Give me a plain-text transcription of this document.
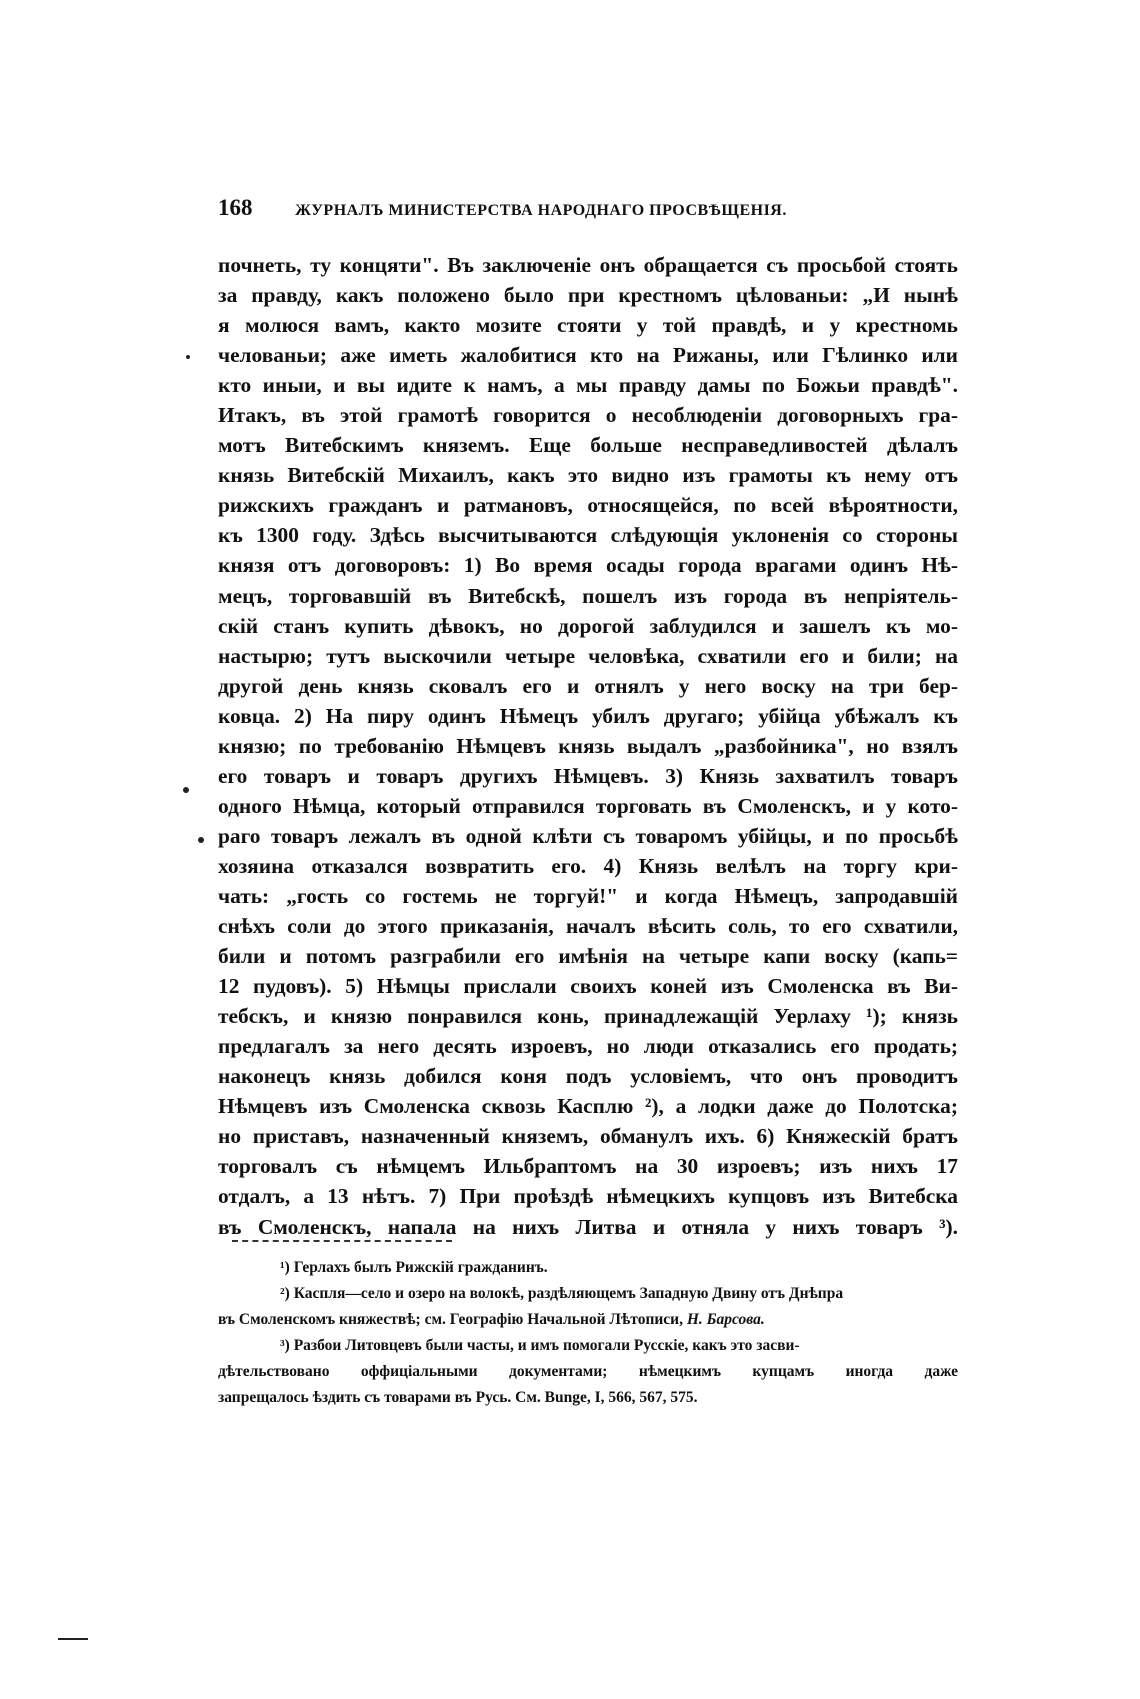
168	ЖУРНАЛЪ МИНИСТЕРСТВА НАРОДНАГО ПРОСВѢЩЕНІЯ.
почнеть, ту концяти". Въ заключеніе онъ обращается съ просьбой стоять
за правду, какъ положено было при крестномъ цѣлованьи: „И нынѣ
я молюся вамъ, както мозите стояти у той правдѣ, и у крестномь
челованьи; аже иметь жалобитися кто на Рижаны, или Гѣлинко или
кто иныи, и вы идите к намъ, а мы правду дамы по Божьи правдѣ".
Итакъ, въ этой грамотѣ говорится о несоблюденіи договорныхъ гра-
мотъ Витебскимъ княземъ. Еще больше несправедливостей дѣлалъ
князь Витебскій Михаилъ, какъ это видно изъ грамоты къ нему отъ
рижскихъ гражданъ и ратмановъ, относящейся, по всей вѣроятности,
къ 1300 году. Здѣсь высчитываются слѣдующія уклоненія со стороны
князя отъ договоровъ: 1) Во время осады города врагами одинъ Нѣ-
мецъ, торговавшій въ Витебскѣ, пошелъ изъ города въ непріятель-
скій станъ купить дѣвокъ, но дорогой заблудился и зашелъ къ мо-
настырю; тутъ выскочили четыре человѣка, схватили его и били; на
другой день князь сковалъ его и отнялъ у него воску на три бер-
ковца. 2) На пиру одинъ Нѣмецъ убилъ другаго; убійца убѣжалъ къ
князю; по требованію Нѣмцевъ князь выдалъ „разбойника", но взялъ
его товаръ и товаръ другихъ Нѣмцевъ. 3) Князь захватилъ товаръ
одного Нѣмца, который отправился торговать въ Смоленскъ, и у кото-
раго товаръ лежалъ въ одной клѣти съ товаромъ убійцы, и по просьбѣ
хозяина отказался возвратить его. 4) Князь велѣлъ на торгу кри-
чать: „гость со гостемь не торгуй!" и когда Нѣмецъ, запродавшій
снѣхъ соли до этого приказанія, началъ вѣсить соль, то его схватили,
били и потомъ разграбили его имѣнія на четыре капи воску (капь=
12 пудовъ). 5) Нѣмцы прислали своихъ коней изъ Смоленска въ Ви-
тебскъ, и князю понравился конь, принадлежащій Уерлаху ¹); князь
предлагалъ за него десять изроевъ, но люди отказались его продать;
наконецъ князь добился коня подъ условіемъ, что онъ проводитъ
Нѣмцевъ изъ Смоленска сквозь Касплю ²), а лодки даже до Полотска;
но приставъ, назначенный княземъ, обманулъ ихъ. 6) Княжескій братъ
торговалъ съ нѣмцемъ Ильбраптомъ на 30 изроевъ; изъ нихъ 17
отдалъ, а 13 нѣтъ. 7) При проѣздѣ нѣмецкихъ купцовъ изъ Витебска
въ Смоленскъ, напала на нихъ Литва и отняла у нихъ товаръ ³).
¹) Герлахъ былъ Рижскій гражданинъ.
²) Каспля—село и озеро на волокѣ, раздѣляющемъ Западную Двину отъ Днѣпра
въ Смоленскомъ княжествѣ; см. Географію Начальной Лѣтописи, Н. Барсова.
³) Разбои Литовцевъ были часты, и имъ помогали Русскіе, какъ это засви-
дѣтельствовано оффиціальными документами; нѣмецкимъ купцамъ иногда даже
запрещалось ѣздить съ товарами въ Русь. См. Bunge, I, 566, 567, 575.
